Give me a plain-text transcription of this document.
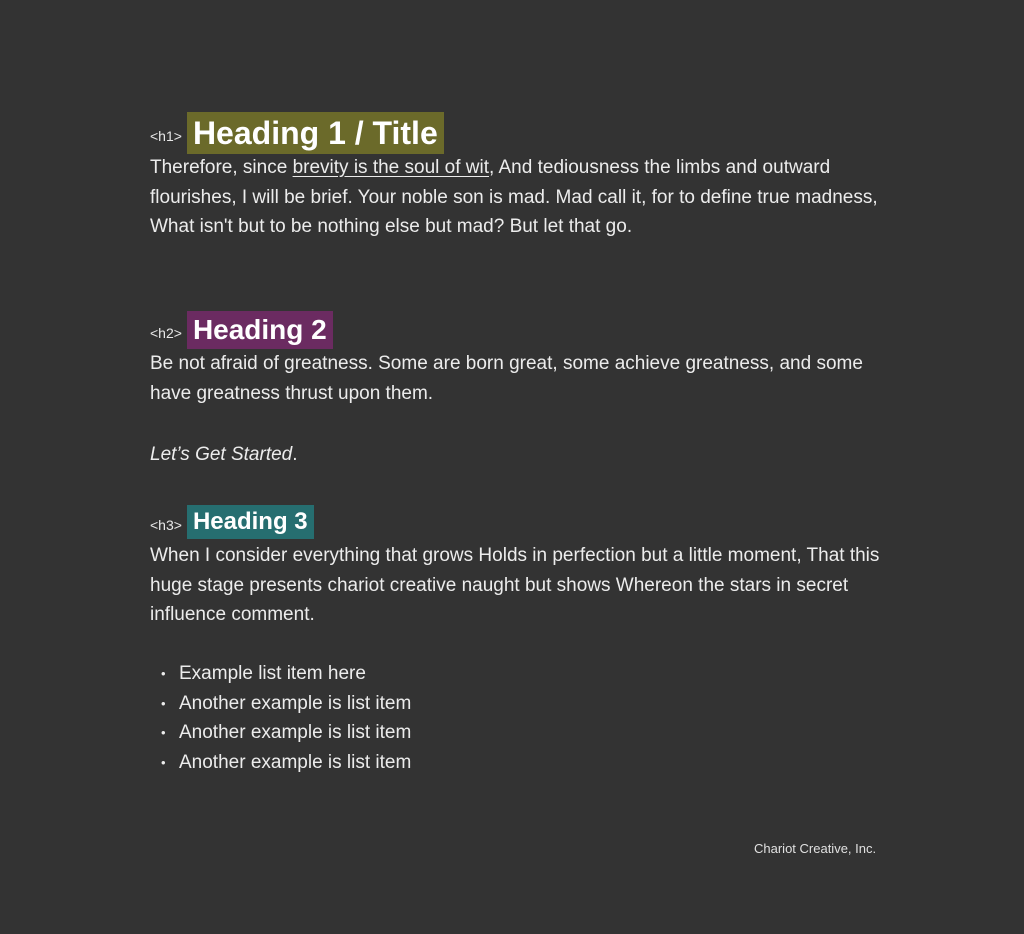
<h1> Heading 1 / Title

Therefore, since brevity is the soul of wit, And tediousness the limbs and outward flourishes, I will be brief. Your noble son is mad. Mad call it, for to define true madness, What isn't but to be nothing else but mad? But let that go.

<h2> Heading 2

Be not afraid of greatness. Some are born great, some achieve greatness, and some have greatness thrust upon them.

Let’s Get Started.

<h3> Heading 3

When I consider everything that grows Holds in perfection but a little moment, That this huge stage presents chariot creative naught but shows Whereon the stars in secret influence comment.

• Example list item here
• Another example is list item
• Another example is list item
• Another example is list item
Chariot Creative, Inc.
